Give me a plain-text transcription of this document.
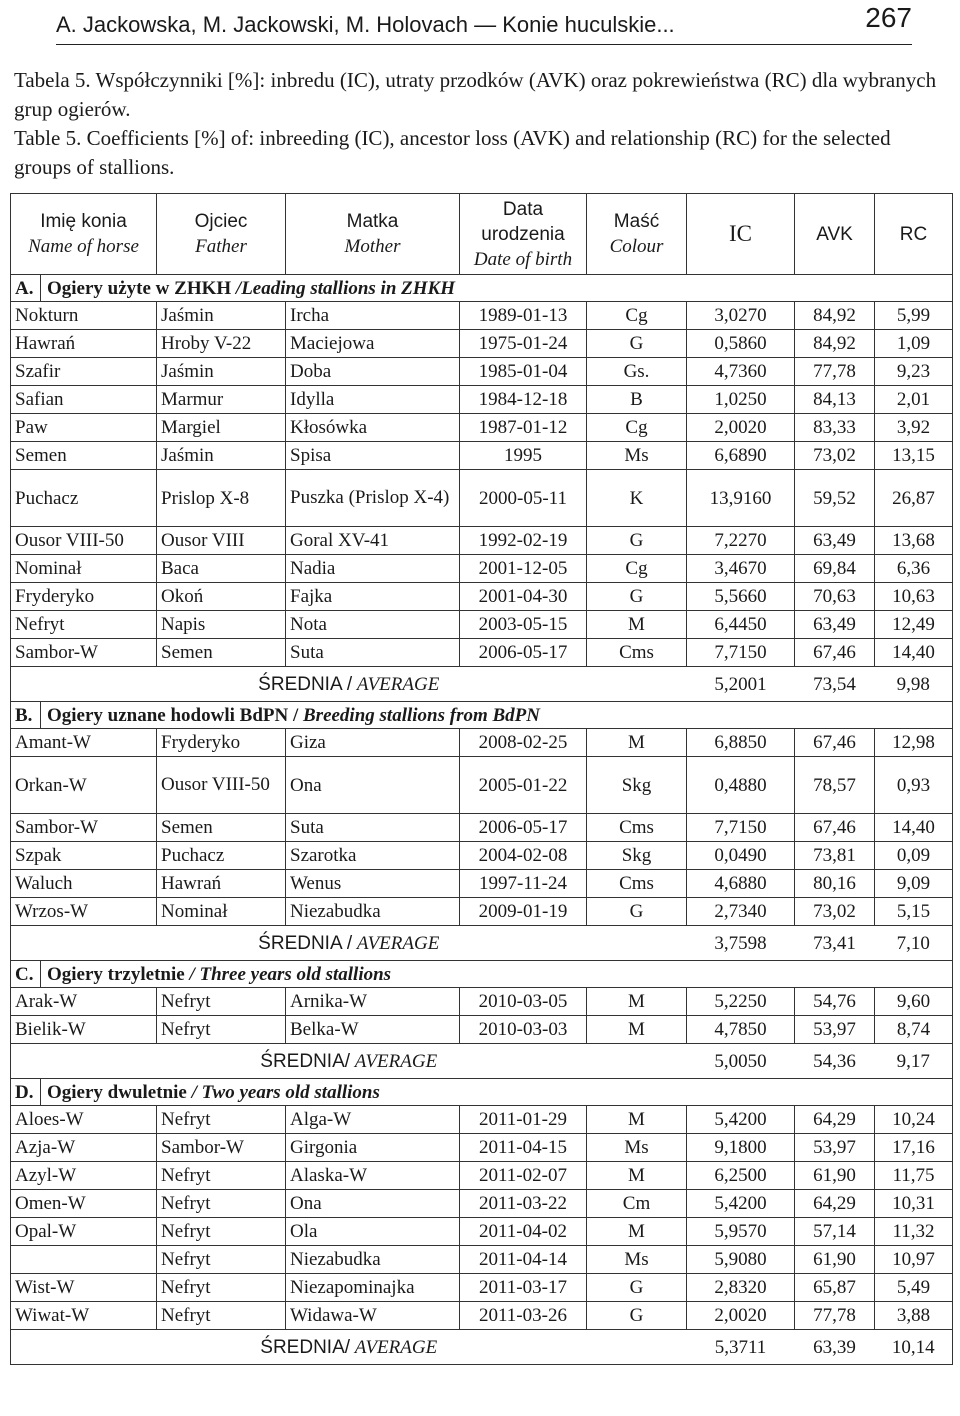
A. Jackowska, M. Jackowski, M. Holovach — Konie huculskie...	267

Tabela 5. Współczynniki [%]: inbredu (IC), utraty przodków (AVK) oraz pokrewieństwa (RC) dla wybranych grup ogierów.

Table 5. Coefficients [%] of: inbreeding (IC), ancestor loss (AVK) and relationship (RC) for the selected groups of stallions.

Imię konia
Name of horse	Ojciec
Father	Matka
Mother	Data urodzenia
Date of birth	Maść
Colour	IC	AVK	RC

A. Ogiery użyte w ZHKH /Leading stallions in ZHKH							

Nokturn	Jaśmin	Ircha	1989-01-13	Cg	3,0270	84,92	5,99
Hawrań	Hroby V-22	Maciejowa	1975-01-24	G	0,5860	84,92	1,09
Szafir	Jaśmin	Doba	1985-01-04	Gs.	4,7360	77,78	9,23
Safian	Marmur	Idylla	1984-12-18	B	1,0250	84,13	2,01
Paw	Margiel	Kłosówka	1987-01-12	Cg	2,0020	83,33	3,92
Semen	Jaśmin	Spisa	1995	Ms	6,6890	73,02	13,15
Puchacz	Prislop X-8	Puszka (Prislop X-4)	2000-05-11	K	13,9160	59,52	26,87
Ousor VIII-50	Ousor VIII	Goral XV-41	1992-02-19	G	7,2270	63,49	13,68
Nominał	Baca	Nadia	2001-12-05	Cg	3,4670	69,84	6,36
Fryderyko	Okoń	Fajka	2001-04-30	G	5,5660	70,63	10,63
Nefryt	Napis	Nota	2003-05-15	M	6,4450	63,49	12,49
Sambor-W	Semen	Suta	2006-05-17	Cms	7,7150	67,46	14,40
ŚREDNIA / AVERAGE					5,2001	73,54	9,98

B. Ogiery uznane hodowli BdPN / Breeding stallions from BdPN							

Amant-W	Fryderyko	Giza	2008-02-25	M	6,8850	67,46	12,98
Orkan-W	Ousor VIII-50	Ona	2005-01-22	Skg	0,4880	78,57	0,93
Sambor-W	Semen	Suta	2006-05-17	Cms	7,7150	67,46	14,40
Szpak	Puchacz	Szarotka	2004-02-08	Skg	0,0490	73,81	0,09
Waluch	Hawrań	Wenus	1997-11-24	Cms	4,6880	80,16	9,09
Wrzos-W	Nominał	Niezabudka	2009-01-19	G	2,7340	73,02	5,15
ŚREDNIA / AVERAGE					3,7598	73,41	7,10

C. Ogiery trzyletnie / Three years old stallions							

Arak-W	Nefryt	Arnika-W	2010-03-05	M	5,2250	54,76	9,60
Bielik-W	Nefryt	Belka-W	2010-03-03	M	4,7850	53,97	8,74
ŚREDNIA/ AVERAGE					5,0050	54,36	9,17

D. Ogiery dwuletnie / Two years old stallions							

Aloes-W	Nefryt	Alga-W	2011-01-29	M	5,4200	64,29	10,24
Azja-W	Sambor-W	Girgonia	2011-04-15	Ms	9,1800	53,97	17,16
Azyl-W	Nefryt	Alaska-W	2011-02-07	M	6,2500	61,90	11,75
Omen-W	Nefryt	Ona	2011-03-22	Cm	5,4200	64,29	10,31
Opal-W	Nefryt	Ola	2011-04-02	M	5,9570	57,14	11,32
	Nefryt	Niezabudka	2011-04-14	Ms	5,9080	61,90	10,97
Wist-W	Nefryt	Niezapominajka	2011-03-17	G	2,8320	65,87	5,49
Wiwat-W	Nefryt	Widawa-W	2011-03-26	G	2,0020	77,78	3,88
ŚREDNIA/ AVERAGE					5,3711	63,39	10,14
